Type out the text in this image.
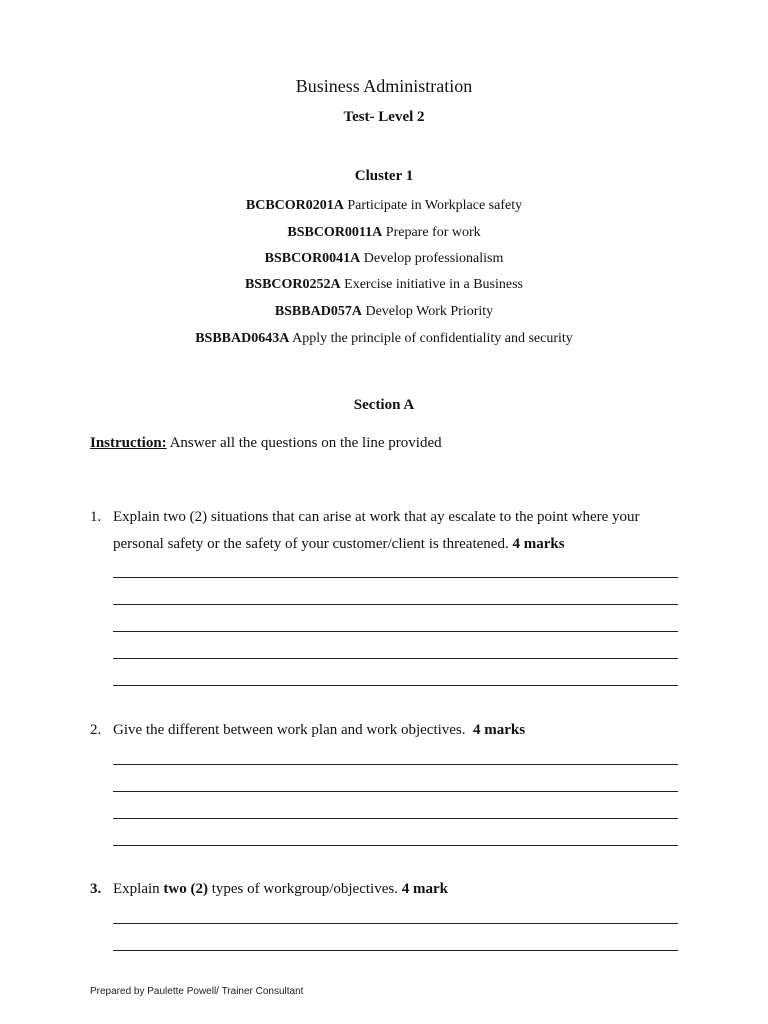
Business Administration
Test- Level 2
Cluster 1
BCBCOR0201A Participate in Workplace safety
BSBCOR0011A Prepare for work
BSBCOR0041A Develop professionalism
BSBCOR0252A Exercise initiative in a Business
BSBBAD057A Develop Work Priority
BSBBAD0643A Apply the principle of confidentiality and security
Section A
Instruction: Answer all the questions on the line provided
1. Explain two (2) situations that can arise at work that ay escalate to the point where your personal safety or the safety of your customer/client is threatened. 4 marks
2. Give the different between work plan and work objectives.  4 marks
3. Explain two (2) types of workgroup/objectives. 4 mark
Prepared by Paulette Powell/ Trainer Consultant
